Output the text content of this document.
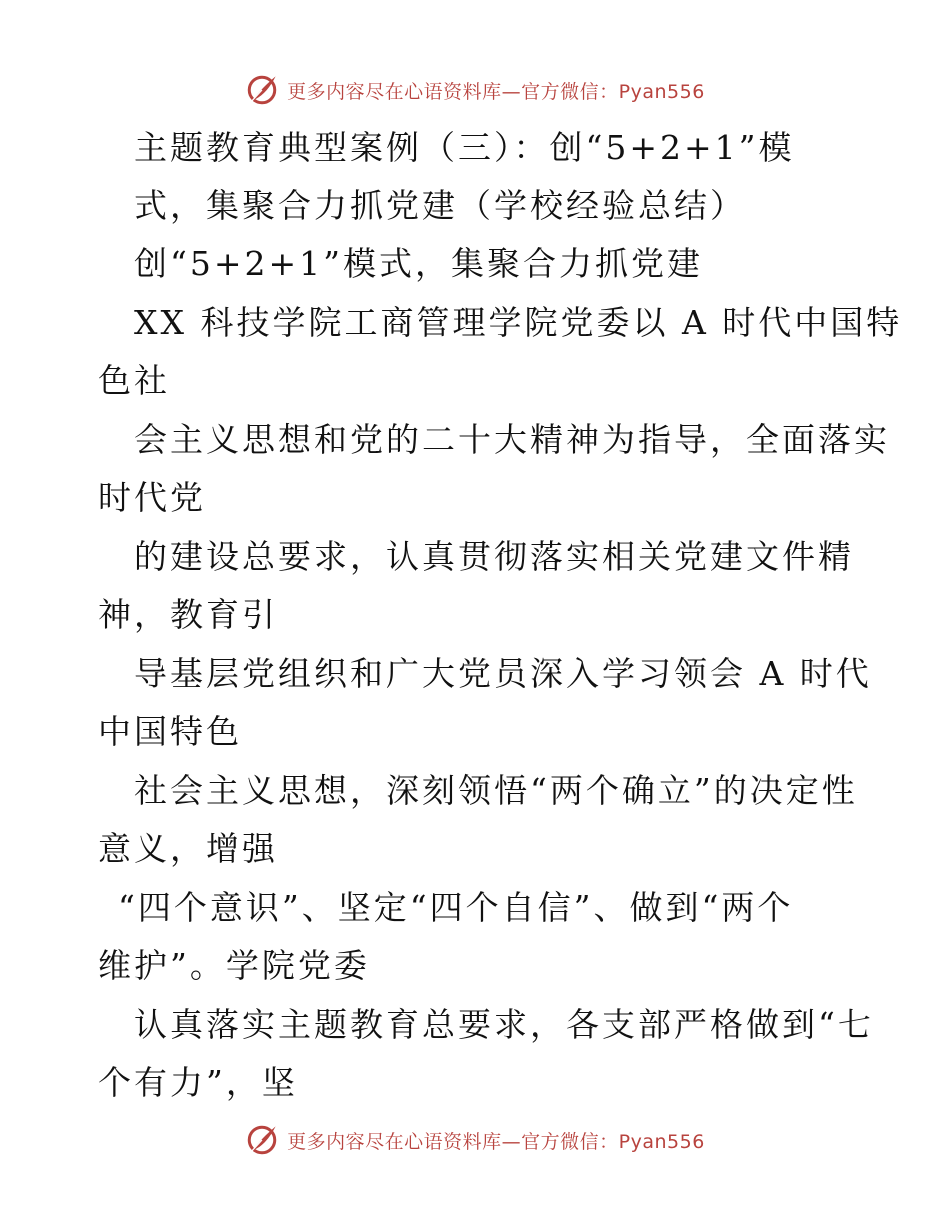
更多内容尽在心语资料库—官方微信：Pyan556
主题教育典型案例（三）：创“5+2+1”模
式，集聚合力抓党建（学校经验总结）
创“5+2+1”模式，集聚合力抓党建
XX 科技学院工商管理学院党委以 A 时代中国特
色社
会主义思想和党的二十大精神为指导，全面落实
时代党
的建设总要求，认真贯彻落实相关党建文件精
神，教育引
导基层党组织和广大党员深入学习领会 A 时代
中国特色
社会主义思想，深刻领悟“两个确立”的决定性
意义，增强
“四个意识”、坚定“四个自信”、做到“两个
维护”。学院党委
认真落实主题教育总要求，各支部严格做到“七
个有力”，坚
更多内容尽在心语资料库—官方微信：Pyan556
